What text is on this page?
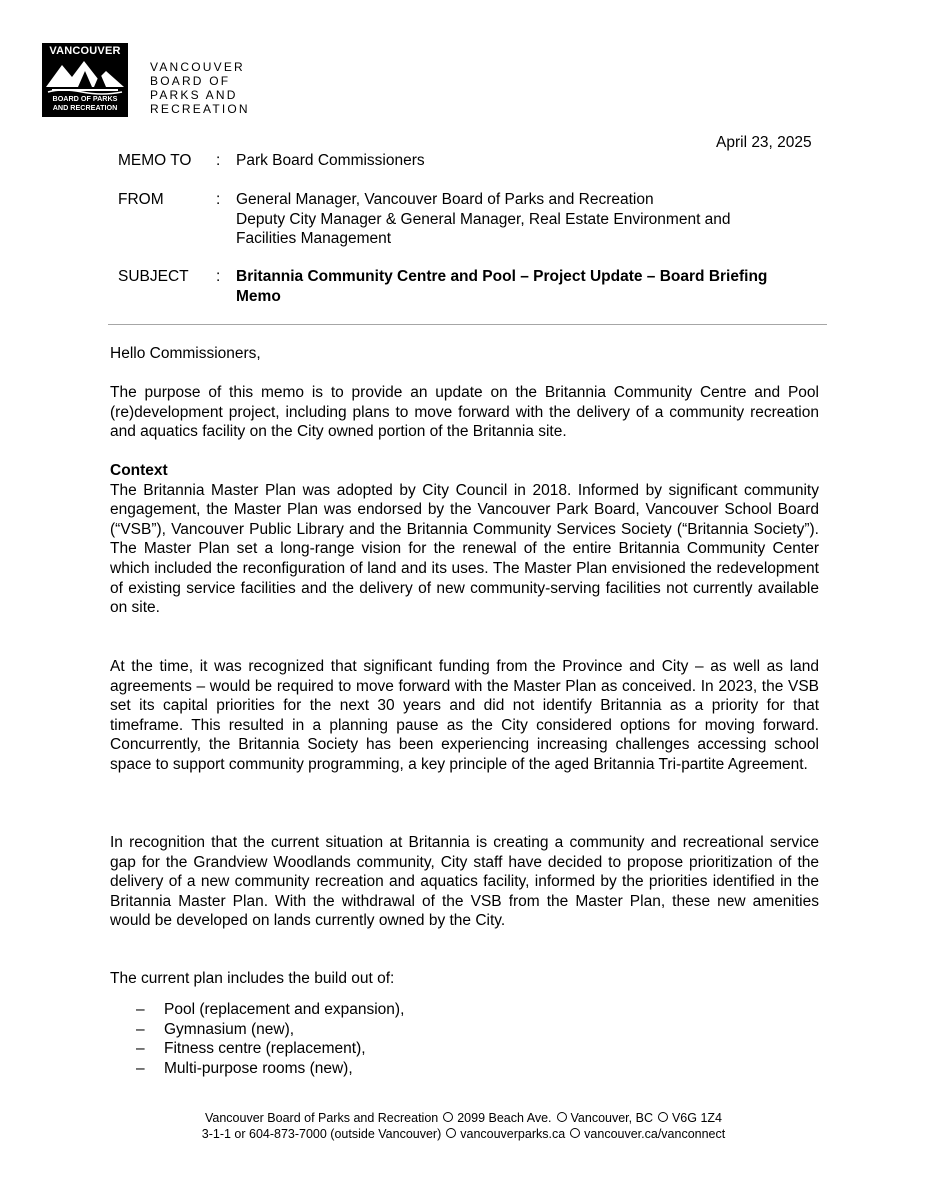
VANCOUVER
BOARD OF PARKS
AND RECREATION
VANCOUVER
BOARD OF
PARKS AND
RECREATION
April 23, 2025
MEMO TO : Park Board Commissioners
FROM	: General Manager, Vancouver Board of Parks and Recreation
Deputy City Manager & General Manager, Real Estate Environment and
Facilities Management
SUBJECT : Britannia Community Centre and Pool – Project Update – Board Briefing
Memo

Hello Commissioners,

The purpose of this memo is to provide an update on the Britannia Community Centre and Pool (re)development project, including plans to move forward with the delivery of a community recreation and aquatics facility on the City owned portion of the Britannia site.

Context

The Britannia Master Plan was adopted by City Council in 2018. Informed by significant community engagement, the Master Plan was endorsed by the Vancouver Park Board, Vancouver School Board (“VSB”), Vancouver Public Library and the Britannia Community Services Society (“Britannia Society”). The Master Plan set a long-range vision for the renewal of the entire Britannia Community Center which included the reconfiguration of land and its uses. The Master Plan envisioned the redevelopment of existing service facilities and the delivery of new community-serving facilities not currently available on site.

At the time, it was recognized that significant funding from the Province and City – as well as land agreements – would be required to move forward with the Master Plan as conceived. In 2023, the VSB set its capital priorities for the next 30 years and did not identify Britannia as a priority for that timeframe. This resulted in a planning pause as the City considered options for moving forward. Concurrently, the Britannia Society has been experiencing increasing challenges accessing school space to support community programming, a key principle of the aged Britannia Tri-partite Agreement.

In recognition that the current situation at Britannia is creating a community and recreational service gap for the Grandview Woodlands community, City staff have decided to propose prioritization of the delivery of a new community recreation and aquatics facility, informed by the priorities identified in the Britannia Master Plan. With the withdrawal of the VSB from the Master Plan, these new amenities would be developed on lands currently owned by the City.

The current plan includes the build out of:

–	Pool (replacement and expansion),
–	Gymnasium (new),
–	Fitness centre (replacement),
–	Multi-purpose rooms (new),
Vancouver Board of Parks and Recreation 2099 Beach Ave. Vancouver, BC V6G 1Z4
3-1-1 or 604-873-7000 (outside Vancouver) vancouverparks.ca vancouver.ca/vanconnect
